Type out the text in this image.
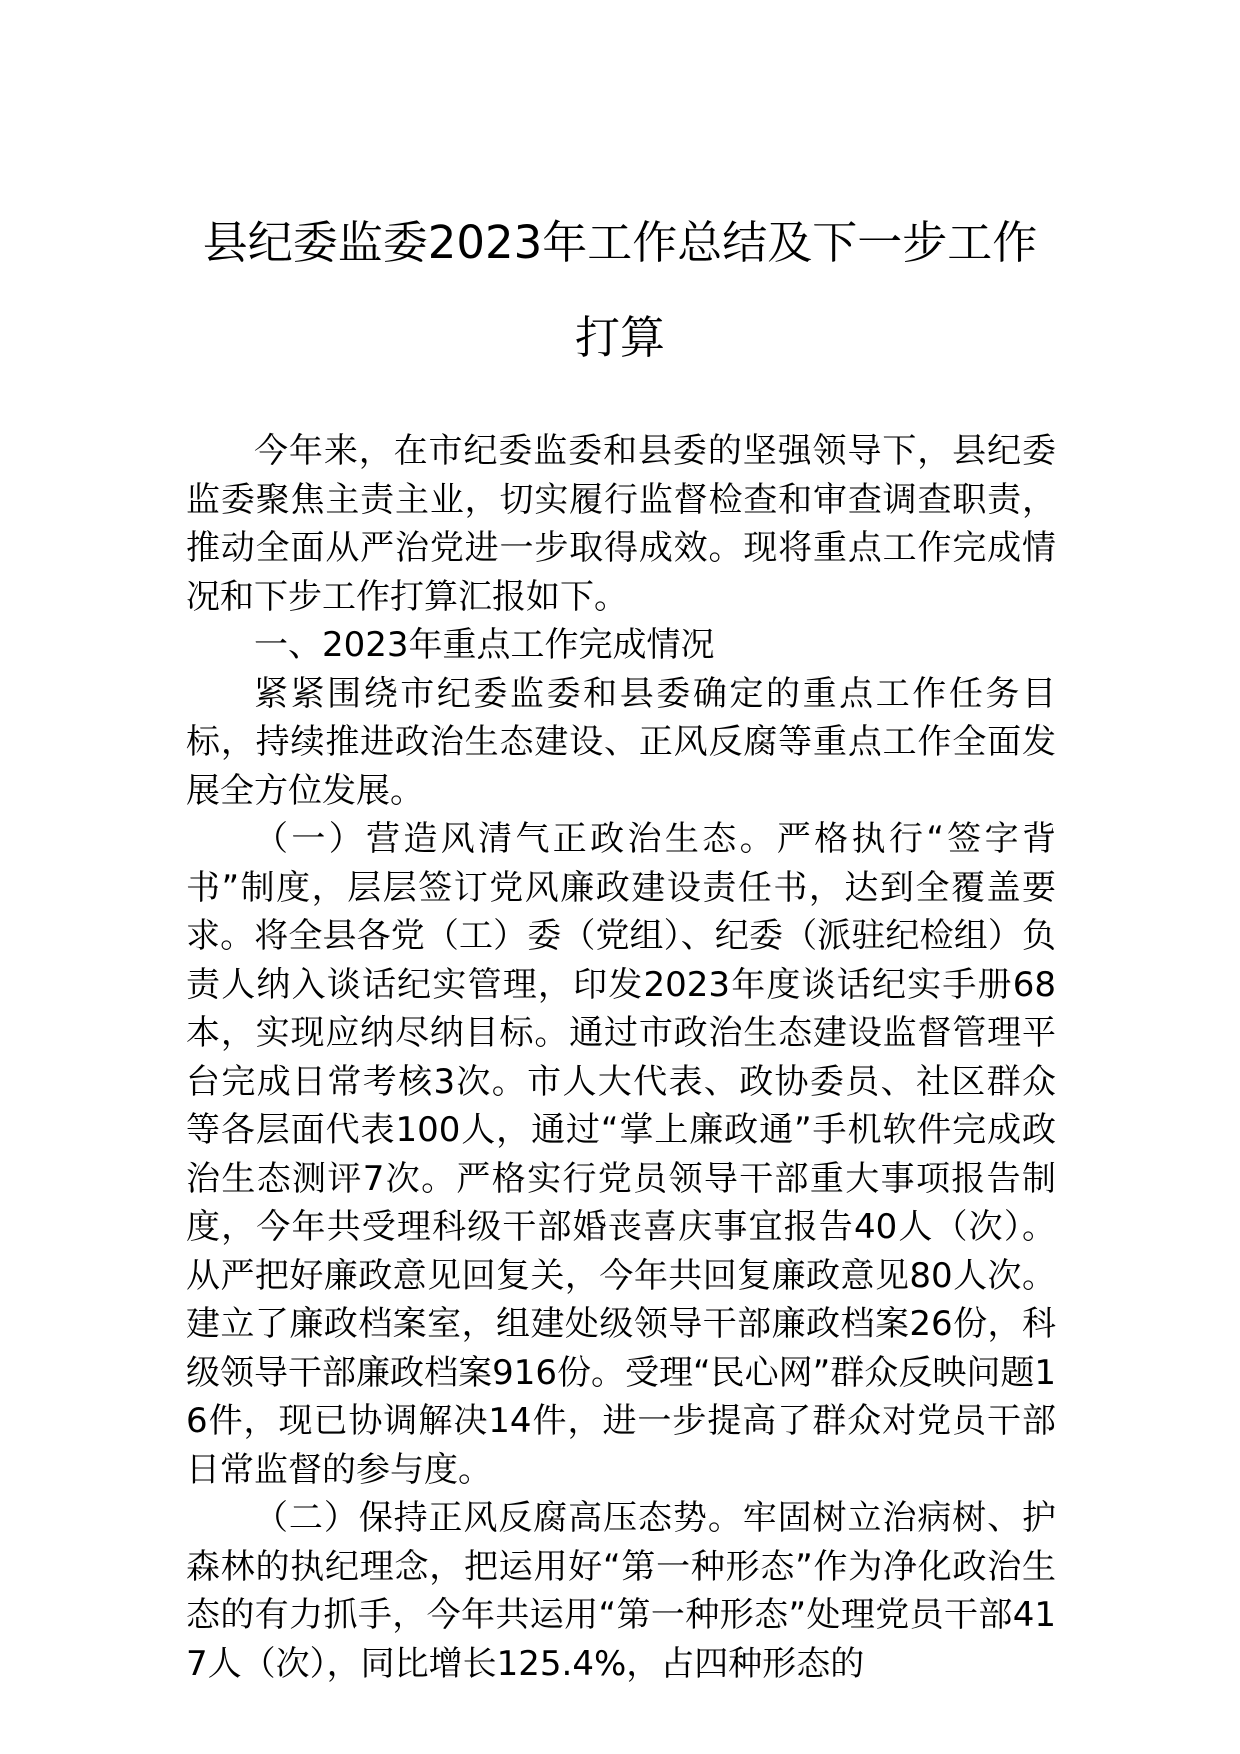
县纪委监委2023年工作总结及下一步工作
打算

今年来，在市纪委监委和县委的坚强领导下，县纪委监委聚焦主责主业，切实履行监督检查和审查调查职责，推动全面从严治党进一步取得成效。现将重点工作完成情况和下步工作打算汇报如下。

一、2023年重点工作完成情况

紧紧围绕市纪委监委和县委确定的重点工作任务目标，持续推进政治生态建设、正风反腐等重点工作全面发展全方位发展。

（一）营造风清气正政治生态。严格执行“签字背书”制度，层层签订党风廉政建设责任书，达到全覆盖要求。将全县各党（工）委（党组）、纪委（派驻纪检组）负责人纳入谈话纪实管理，印发2023年度谈话纪实手册68本，实现应纳尽纳目标。通过市政治生态建设监督管理平台完成日常考核3次。市人大代表、政协委员、社区群众等各层面代表100人，通过“掌上廉政通”手机软件完成政治生态测评7次。严格实行党员领导干部重大事项报告制度，今年共受理科级干部婚丧喜庆事宜报告40人（次）。从严把好廉政意见回复关，今年共回复廉政意见80人次。建立了廉政档案室，组建处级领导干部廉政档案26份，科级领导干部廉政档案916份。受理“民心网”群众反映问题16件，现已协调解决14件，进一步提高了群众对党员干部日常监督的参与度。

（二）保持正风反腐高压态势。牢固树立治病树、护森林的执纪理念，把运用好“第一种形态”作为净化政治生态的有力抓手，今年共运用“第一种形态”处理党员干部417人（次），同比增长125.4%，占四种形态的
